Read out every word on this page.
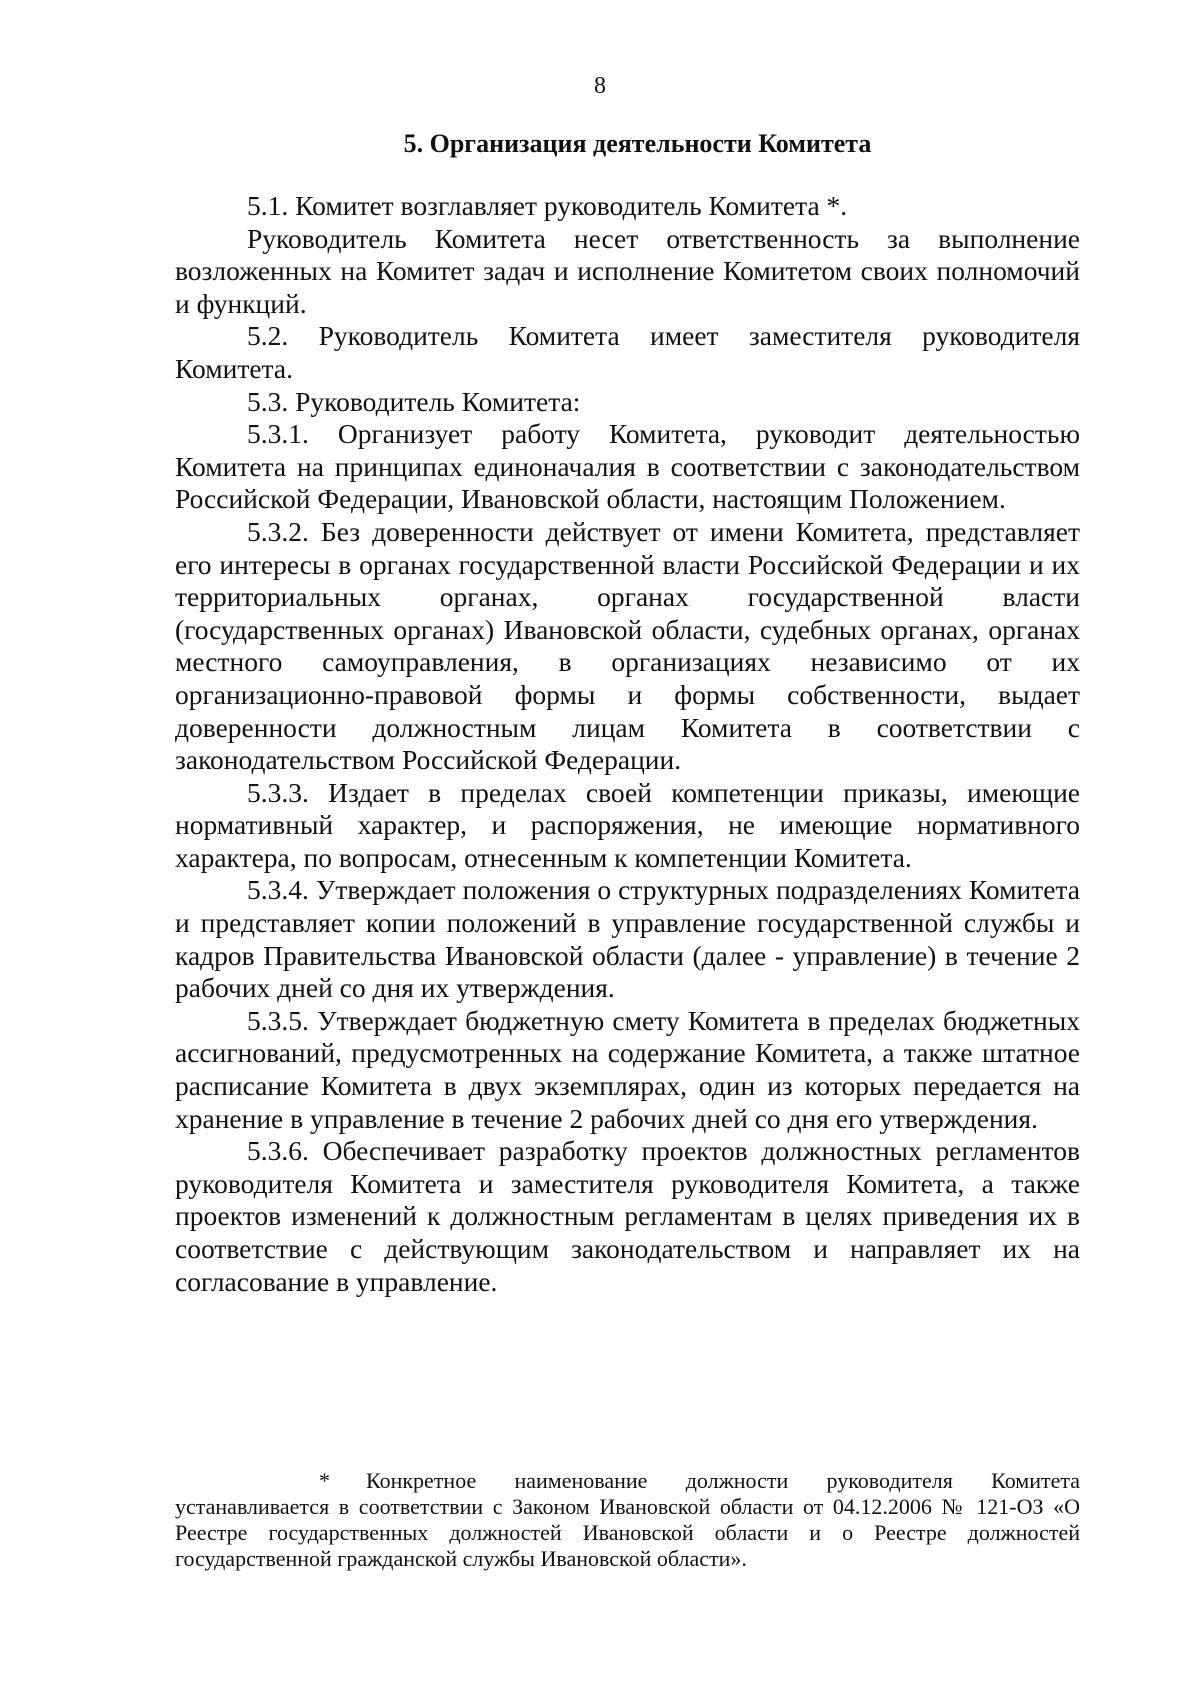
8
5. Организация деятельности Комитета

5.1. Комитет возглавляет руководитель Комитета *.

Руководитель Комитета несет ответственность за выполнение возложенных на Комитет задач и исполнение Комитетом своих полномочий и функций.

5.2. Руководитель Комитета имеет заместителя руководителя Комитета.

5.3. Руководитель Комитета:

5.3.1. Организует работу Комитета, руководит деятельностью Комитета на принципах единоначалия в соответствии с законодательством Российской Федерации, Ивановской области, настоящим Положением.

5.3.2. Без доверенности действует от имени Комитета, представляет его интересы в органах государственной власти Российской Федерации и их территориальных органах, органах государственной власти (государственных органах) Ивановской области, судебных органах, органах местного самоуправления, в организациях независимо от их организационно-правовой формы и формы собственности, выдает доверенности должностным лицам Комитета в соответствии с законодательством Российской Федерации.

5.3.3. Издает в пределах своей компетенции приказы, имеющие нормативный характер, и распоряжения, не имеющие нормативного характера, по вопросам, отнесенным к компетенции Комитета.

5.3.4. Утверждает положения о структурных подразделениях Комитета и представляет копии положений в управление государственной службы и кадров Правительства Ивановской области (далее - управление) в течение 2 рабочих дней со дня их утверждения.

5.3.5. Утверждает бюджетную смету Комитета в пределах бюджетных ассигнований, предусмотренных на содержание Комитета, а также штатное расписание Комитета в двух экземплярах, один из которых передается на хранение в управление в течение 2 рабочих дней со дня его утверждения.

5.3.6. Обеспечивает разработку проектов должностных регламентов руководителя Комитета и заместителя руководителя Комитета, а также проектов изменений к должностным регламентам в целях приведения их в соответствие с действующим законодательством и направляет их на согласование в управление.

* Конкретное наименование должности руководителя Комитета устанавливается в соответствии с Законом Ивановской области от 04.12.2006 № 121-ОЗ «О Реестре государственных должностей Ивановской области и о Реестре должностей государственной гражданской службы Ивановской области».
